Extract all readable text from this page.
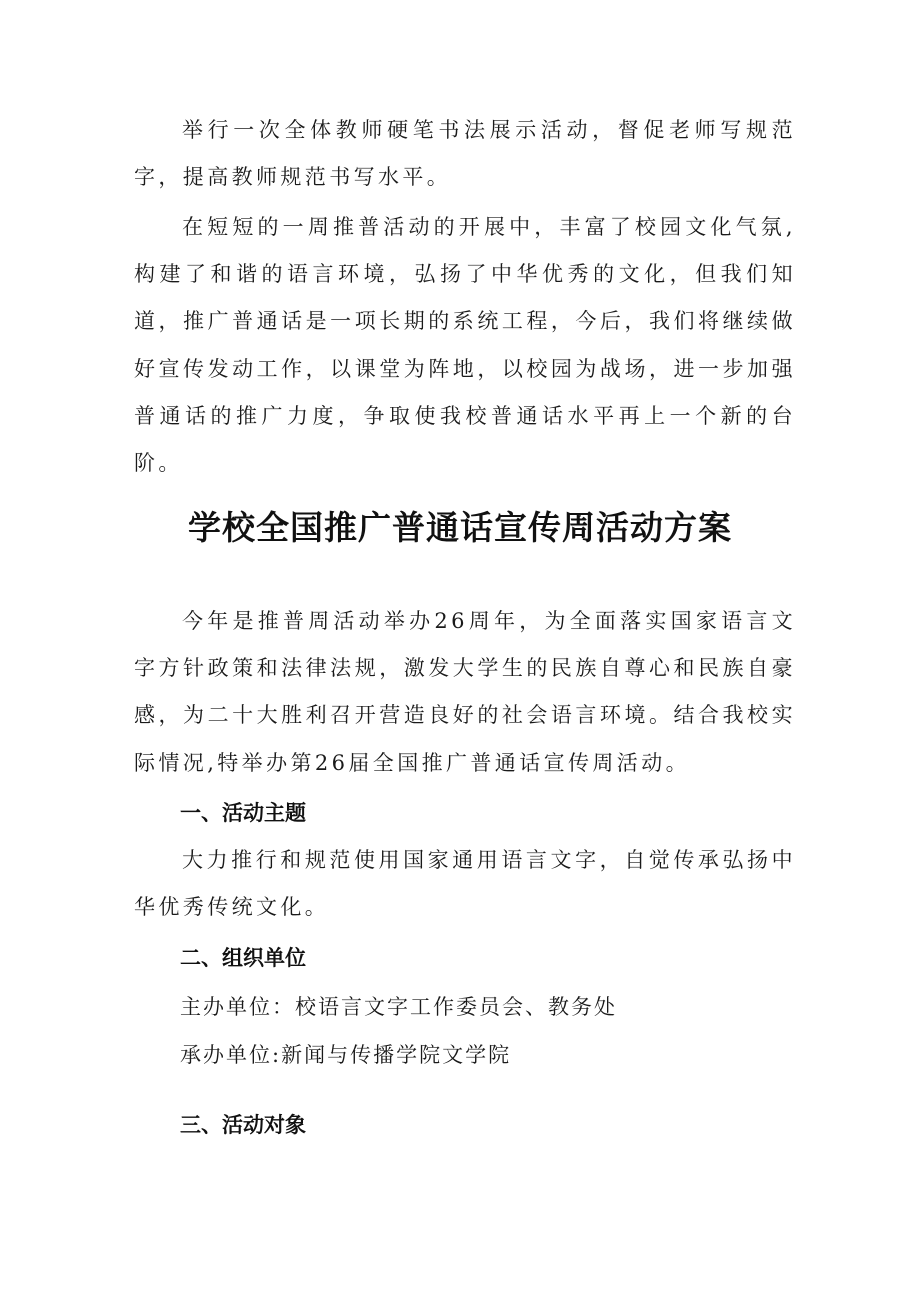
举行一次全体教师硬笔书法展示活动，督促老师写规范字，提高教师规范书写水平。

在短短的一周推普活动的开展中，丰富了校园文化气氛,构建了和谐的语言环境，弘扬了中华优秀的文化，但我们知道，推广普通话是一项长期的系统工程，今后，我们将继续做好宣传发动工作，以课堂为阵地，以校园为战场，进一步加强普通话的推广力度，争取使我校普通话水平再上一个新的台阶。

学校全国推广普通话宣传周活动方案

今年是推普周活动举办26周年，为全面落实国家语言文字方针政策和法律法规，激发大学生的民族自尊心和民族自豪感，为二十大胜利召开营造良好的社会语言环境。结合我校实际情况,特举办第26届全国推广普通话宣传周活动。

一、活动主题

大力推行和规范使用国家通用语言文字，自觉传承弘扬中华优秀传统文化。

二、组织单位

主办单位：校语言文字工作委员会、教务处

承办单位:新闻与传播学院文学院

三、活动对象
